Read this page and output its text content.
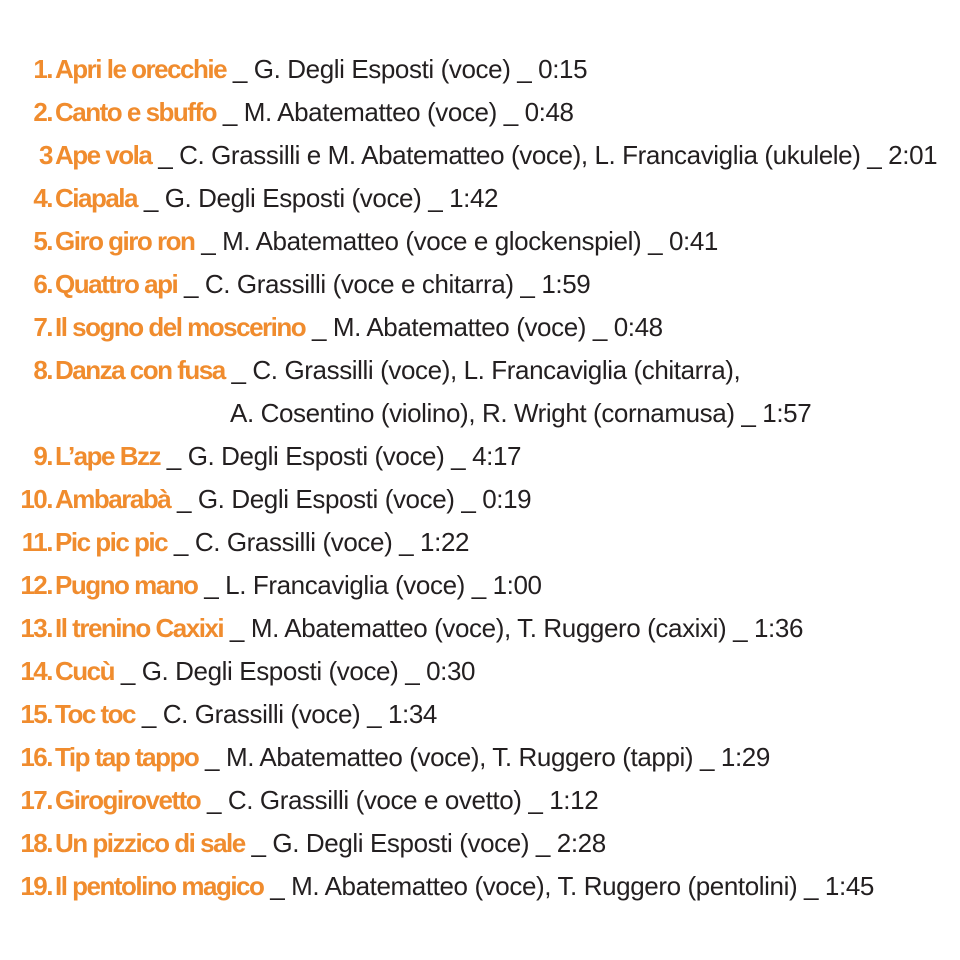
1. Apri le orecchie _ G. Degli Esposti (voce) _ 0:15
2. Canto e sbuffo _ M. Abatematteo (voce) _ 0:48
3 Ape vola _ C. Grassilli e M. Abatematteo (voce), L. Francaviglia (ukulele) _ 2:01
4. Ciapala _ G. Degli Esposti (voce) _ 1:42
5. Giro giro ron _ M. Abatematteo (voce e glockenspiel) _ 0:41
6. Quattro api _ C. Grassilli (voce e chitarra) _ 1:59
7. Il sogno del moscerino _ M. Abatematteo (voce) _ 0:48
8. Danza con fusa _ C. Grassilli (voce), L. Francaviglia (chitarra),
A. Cosentino (violino), R. Wright (cornamusa) _ 1:57
9. L’ape Bzz _ G. Degli Esposti (voce) _ 4:17
10. Ambarabà _ G. Degli Esposti (voce) _ 0:19
11. Pic pic pic _ C. Grassilli (voce) _ 1:22
12. Pugno mano _ L. Francaviglia (voce) _ 1:00
13. Il trenino Caxixi _ M. Abatematteo (voce), T. Ruggero (caxixi) _ 1:36
14. Cucù _ G. Degli Esposti (voce) _ 0:30
15. Toc toc _ C. Grassilli (voce) _ 1:34
16. Tip tap tappo _ M. Abatematteo (voce), T. Ruggero (tappi) _ 1:29
17. Girogirovetto _ C. Grassilli (voce e ovetto) _ 1:12
18. Un pizzico di sale _ G. Degli Esposti (voce) _ 2:28
19. Il pentolino magico _ M. Abatematteo (voce), T. Ruggero (pentolini) _ 1:45
